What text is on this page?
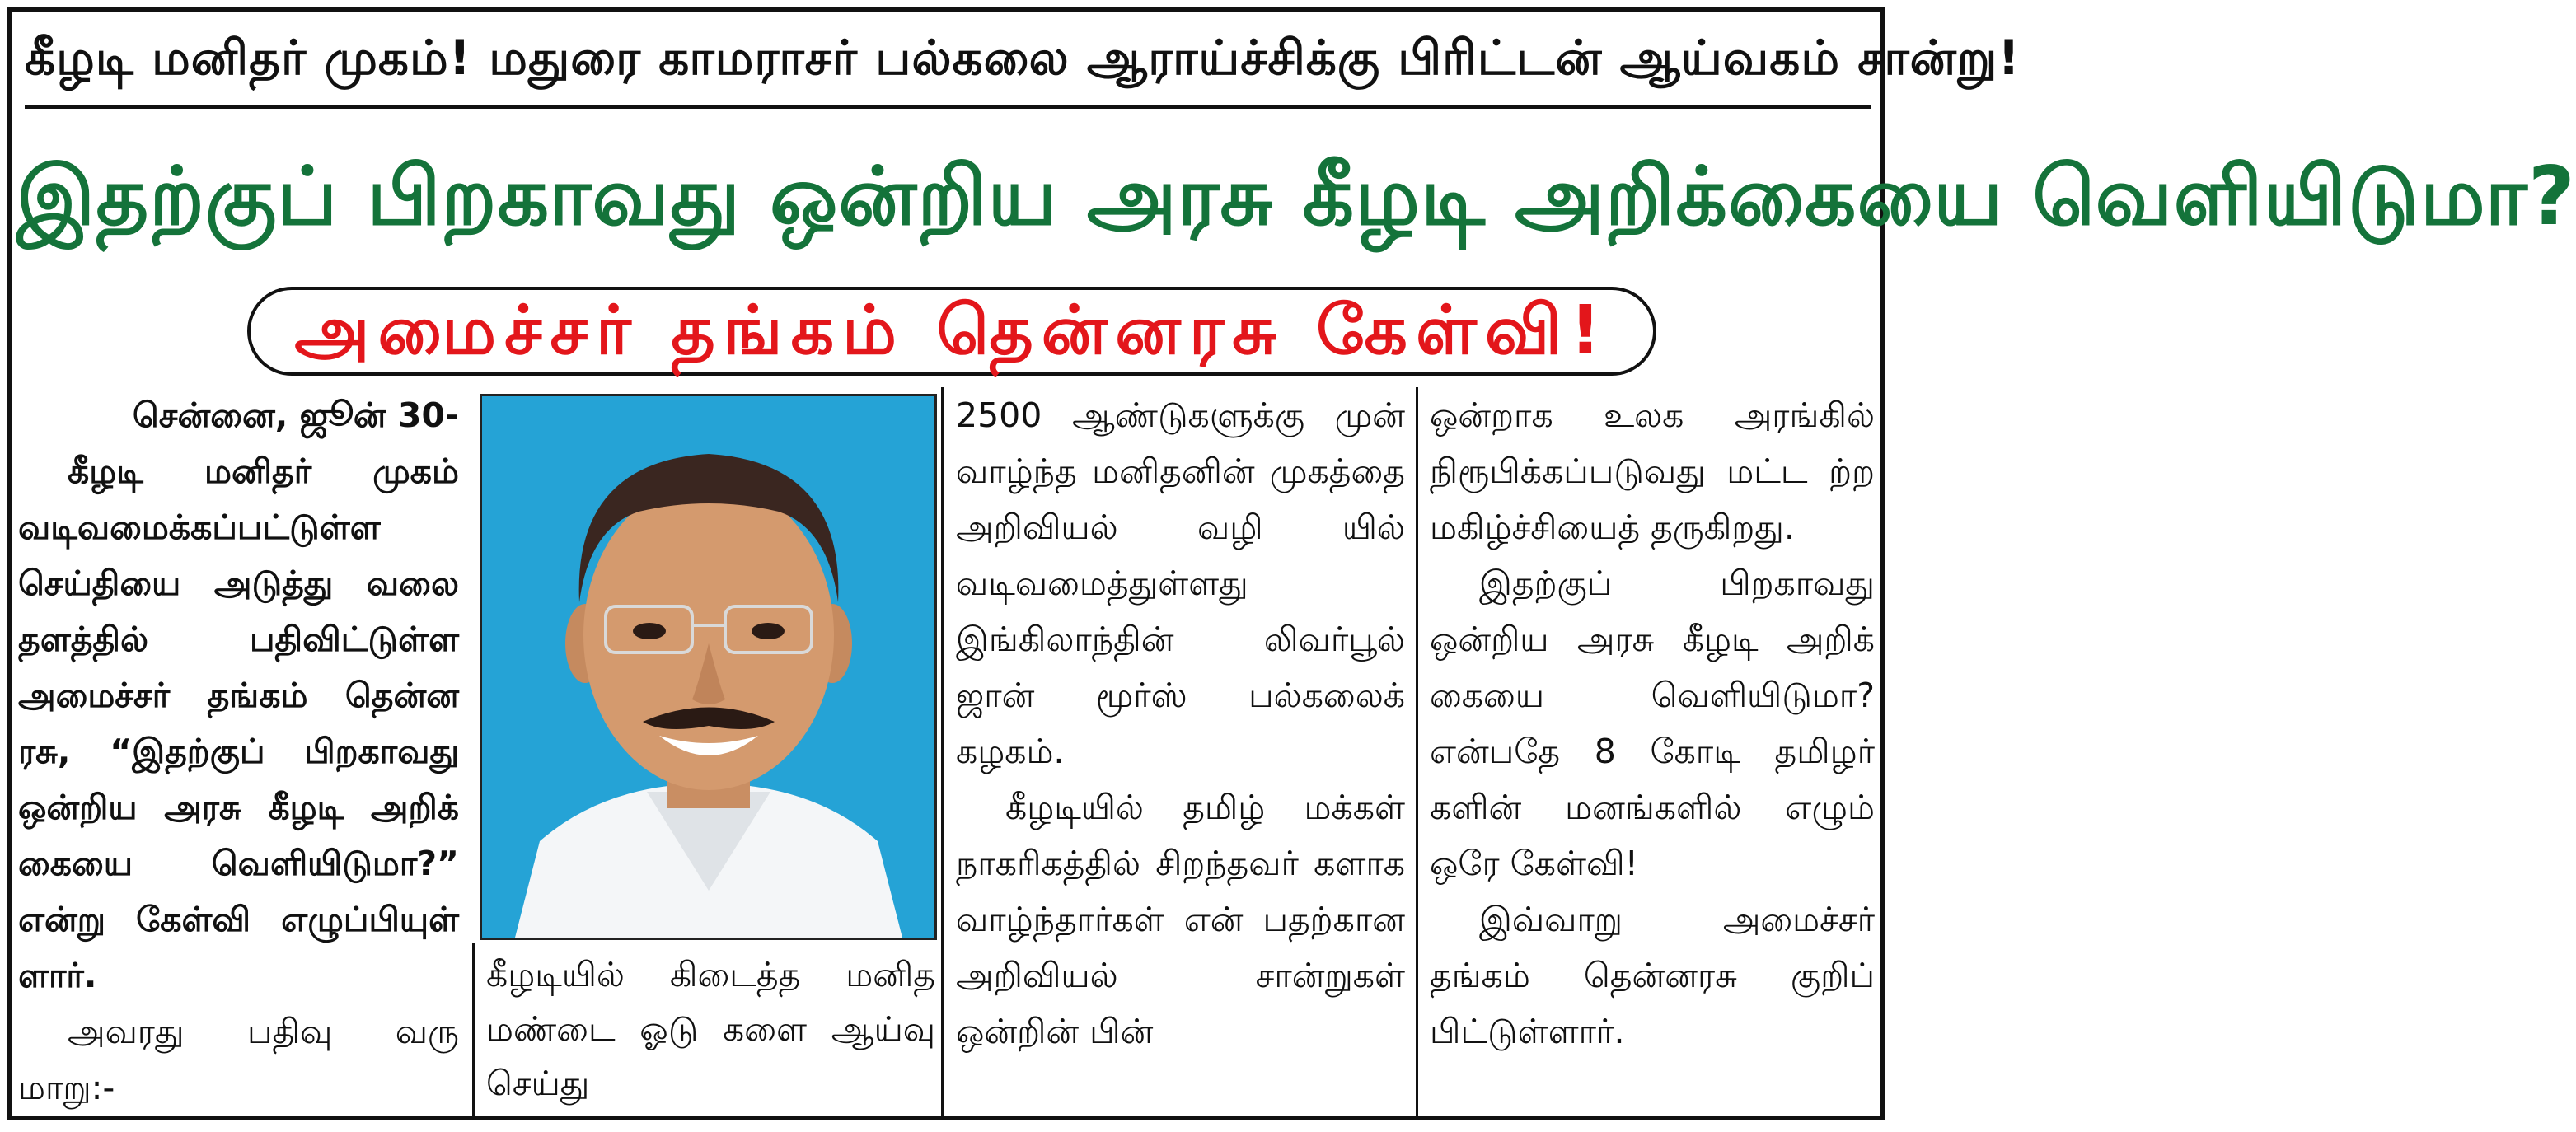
கீழடி மனிதர் முகம்! மதுரை காமராசர் பல்கலை ஆராய்ச்சிக்கு பிரிட்டன் ஆய்வகம் சான்று!
இதற்குப் பிறகாவது ஒன்றிய அரசு கீழடி அறிக்கையை வெளியிடுமா?
அமைச்சர் தங்கம் தென்னரசு கேள்வி!

சென்னை, ஜூன் 30-

கீழடி மனிதர் முகம் வடிவமைக்கப்பட்டுள்ள செய்தியை அடுத்து வலை தளத்தில் பதிவிட்டுள்ள அமைச்சர் தங்கம் தென்ன ரசு, “இதற்குப் பிறகாவது ஒன்றிய அரசு கீழடி அறிக் கையை வெளியிடுமா?” என்று கேள்வி எழுப்பியுள் ளார்.

அவரது பதிவு வரு மாறு:-

கீழடியில் கிடைத்த மனித மண்டை ஓடு களை ஆய்வு செய்து

2500 ஆண்டுகளுக்கு முன் வாழ்ந்த மனிதனின் முகத்தை அறிவியல் வழி யில் வடிவமைத்துள்ளது இங்கிலாந்தின் லிவர்பூல் ஜான் மூர்ஸ் பல்கலைக் கழகம்.

கீழடியில் தமிழ் மக்கள் நாகரிகத்தில் சிறந்தவர் களாக வாழ்ந்தார்கள் என் பதற்கான அறிவியல் சான்றுகள் ஒன்றின் பின்

ஒன்றாக உலக அரங்கில் நிரூபிக்கப்படுவது மட்ட ற்ற மகிழ்ச்சியைத் தருகிறது.

இதற்குப் பிறகாவது ஒன்றிய அரசு கீழடி அறிக் கையை வெளியிடுமா? என்பதே 8 கோடி தமிழர் களின் மனங்களில் எழும் ஒரே கேள்வி!

இவ்வாறு அமைச்சர் தங்கம் தென்னரசு குறிப் பிட்டுள்ளார்.
